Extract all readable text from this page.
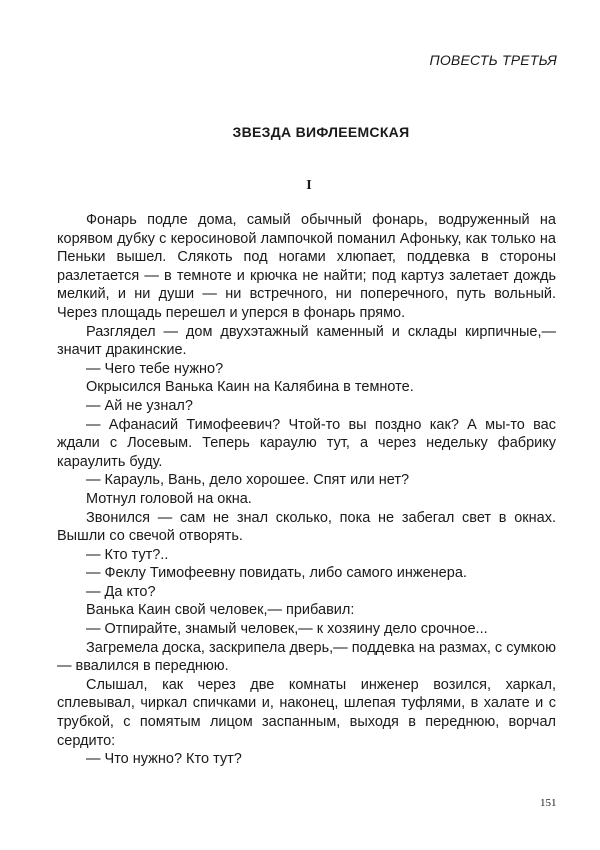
ПОВЕСТЬ ТРЕТЬЯ
ЗВЕЗДА ВИФЛЕЕМСКАЯ
I

Фонарь подле дома, самый обычный фонарь, водруженный на корявом дубку с керосиновой лампочкой поманил Афоньку, как только на Пеньки вышел. Слякоть под ногами хлюпает, поддевка в стороны разлетается — в темноте и крючка не найти; под картуз залетает дождь мелкий, и ни души — ни встречного, ни поперечного, путь вольный. Через площадь перешел и уперся в фонарь прямо.

Разглядел — дом двухэтажный каменный и склады кирпичные,— значит дракинские.

— Чего тебе нужно?

Окрысился Ванька Каин на Калябина в темноте.

— Ай не узнал?

— Афанасий Тимофеевич? Чтой-то вы поздно как? А мы-то вас ждали с Лосевым. Теперь караулю тут, а через недельку фабрику караулить буду.

— Карауль, Вань, дело хорошее. Спят или нет?

Мотнул головой на окна.

Звонился — сам не знал сколько, пока не забегал свет в окнах. Вышли со свечой отворять.

— Кто тут?..

— Феклу Тимофеевну повидать, либо самого инженера.

— Да кто?

Ванька Каин свой человек,— прибавил:

— Отпирайте, знамый человек,— к хозяину дело срочное...

Загремела доска, заскрипела дверь,— поддевка на размах, с сумкою — ввалился в переднюю.

Слышал, как через две комнаты инженер возился, харкал, сплевывал, чиркал спичками и, наконец, шлепая туфлями, в халате и с трубкой, с помятым лицом заспанным, выходя в переднюю, ворчал сердито:

— Что нужно? Кто тут?

151
